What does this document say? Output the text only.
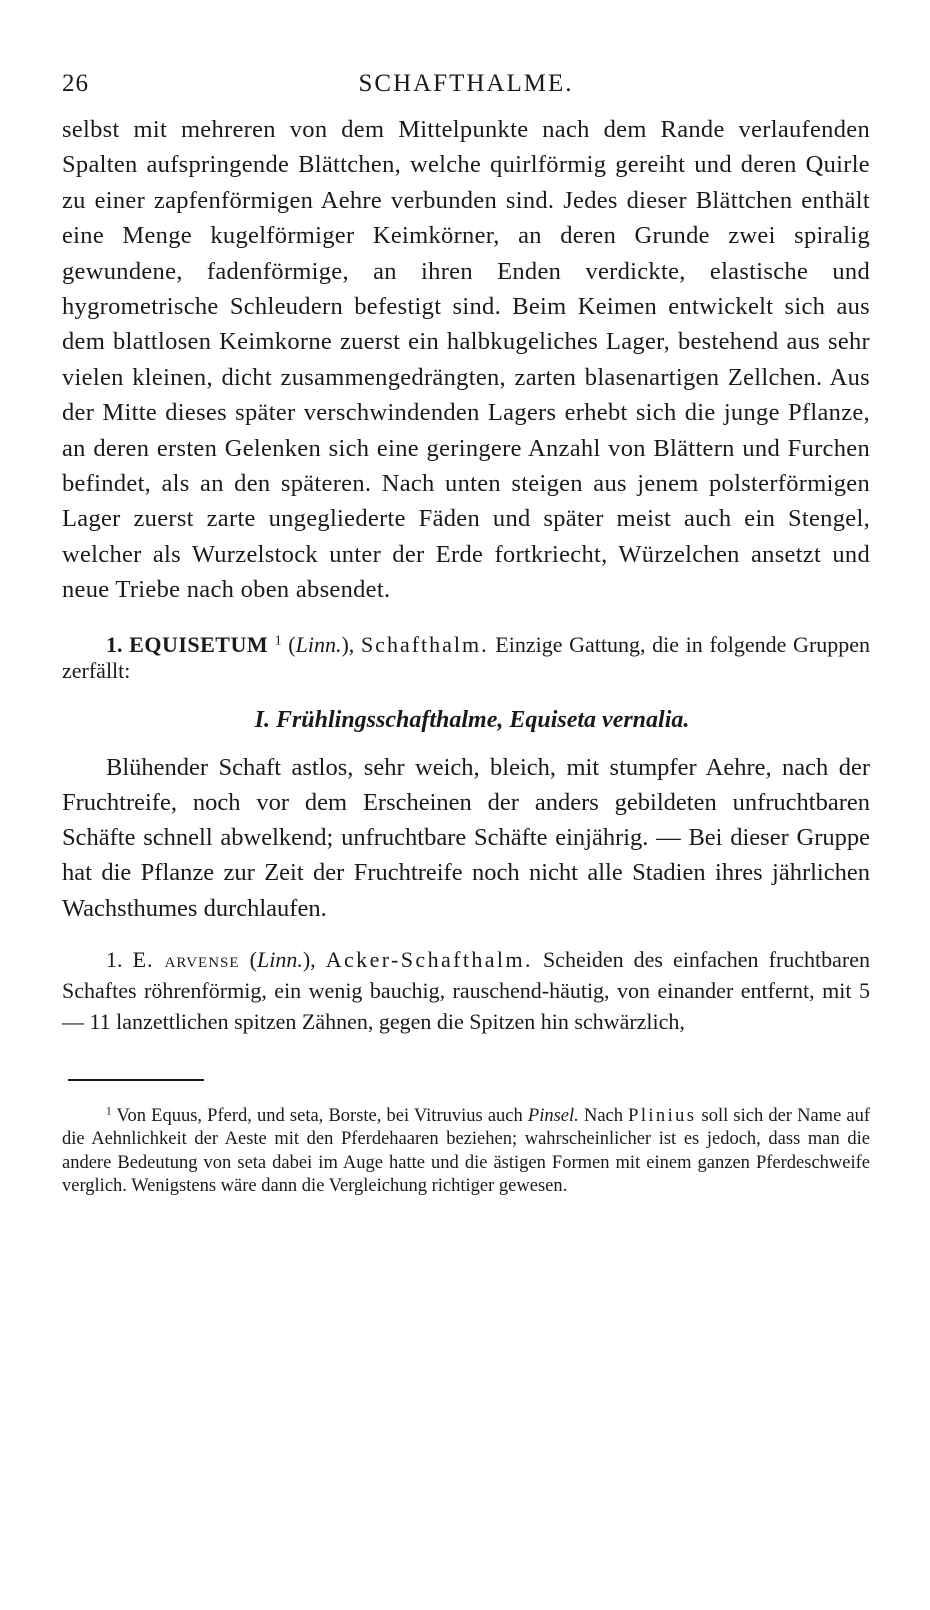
26	SCHAFTHALME.

selbst mit mehreren von dem Mittelpunkte nach dem Rande verlaufenden Spalten aufspringende Blättchen, welche quirlförmig gereiht und deren Quirle zu einer zapfenförmigen Aehre verbunden sind. Jedes dieser Blättchen enthält eine Menge kugelförmiger Keimkörner, an deren Grunde zwei spiralig gewundene, fadenförmige, an ihren Enden verdickte, elastische und hygrometrische Schleudern befestigt sind. Beim Keimen entwickelt sich aus dem blattlosen Keimkorne zuerst ein halbkugeliches Lager, bestehend aus sehr vielen kleinen, dicht zusammengedrängten, zarten blasenartigen Zellchen. Aus der Mitte dieses später verschwindenden Lagers erhebt sich die junge Pflanze, an deren ersten Gelenken sich eine geringere Anzahl von Blättern und Furchen befindet, als an den späteren. Nach unten steigen aus jenem polsterförmigen Lager zuerst zarte ungegliederte Fäden und später meist auch ein Stengel, welcher als Wurzelstock unter der Erde fortkriecht, Würzelchen ansetzt und neue Triebe nach oben absendet.

1. EQUISETUM $^1$ (Linn.), Schafthalm. Einzige Gattung, die in folgende Gruppen zerfällt:

I. Frühlingsschafthalme, Equiseta vernalia.

Blühender Schaft astlos, sehr weich, bleich, mit stumpfer Aehre, nach der Fruchtreife, noch vor dem Erscheinen der anders gebildeten unfruchtbaren Schäfte schnell abwelkend; unfruchtbare Schäfte einjährig. — Bei dieser Gruppe hat die Pflanze zur Zeit der Fruchtreife noch nicht alle Stadien ihres jährlichen Wachsthumes durchlaufen.

1. E. arvense (Linn.), Acker-Schafthalm. Scheiden des einfachen fruchtbaren Schaftes röhrenförmig, ein wenig bauchig, rauschend-häutig, von einander entfernt, mit 5 — 11 lanzettlichen spitzen Zähnen, gegen die Spitzen hin schwärzlich,

$^1$ Von Equus, Pferd, und seta, Borste, bei Vitruvius auch Pinsel. Nach Plinius soll sich der Name auf die Aehnlichkeit der Aeste mit den Pferdehaaren beziehen; wahrscheinlicher ist es jedoch, dass man die andere Bedeutung von seta dabei im Auge hatte und die ästigen Formen mit einem ganzen Pferdeschweife verglich. Wenigstens wäre dann die Vergleichung richtiger gewesen.
